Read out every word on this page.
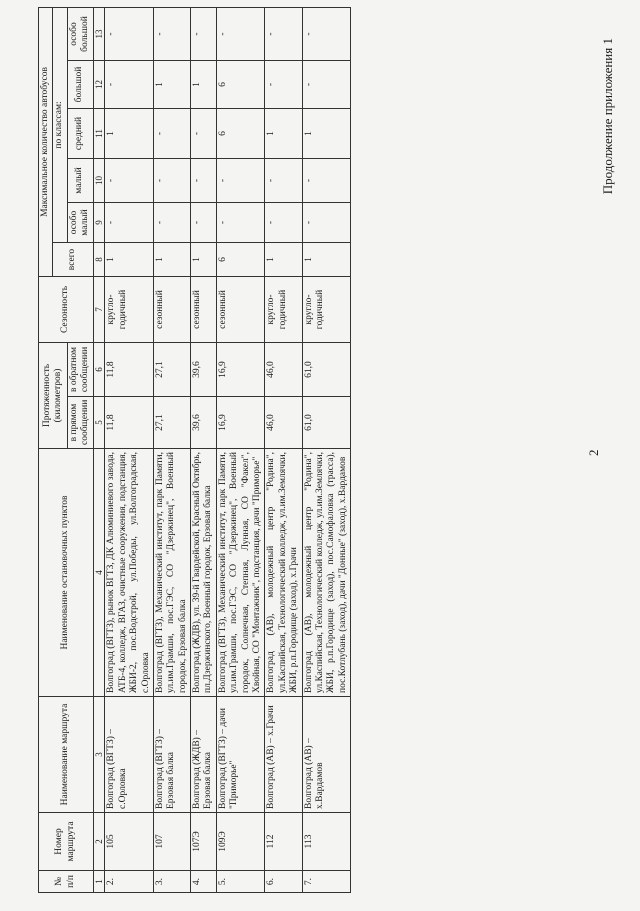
2
Продолжение приложения 1
№ п/п	Номер маршрута	Наименование маршрута	Наименование остановочных пунктов	Протяженность (километров)		Сезонность	Максимальное количество автобусов					
							всего	по классам:				
				в прямом сообщении	в обратном сообщении			особо малый	малый	средний	большой	особо большой
1	2	3	4	5	6	7	8	9	10	11	12	13
2.	105	Волгоград (ВГТЗ) – с.Орловка	Волгоград (ВГТЗ), рынок ВГТЗ, ДК Алюминиевого завода, АТБ-4, колледж, ВГАЗ, очистные сооружения, подстанция, ЖБИ-2, пос.Водстрой, ул.Победы, ул.Волгоградская, с.Орловка	11,8	11,8	кругло-годичный	1	-	-	1	-	-
3.	107	Волгоград (ВГТЗ) – Ерзовая балка	Волгоград (ВГТЗ), Механический институт, парк Памяти, ул.им.Грамши, пос.ГЭС, СО "Дзержинец", Военный городок, Ерзовая балка	27,1	27,1	сезонный	1	-	-	-	1	-
4.	107Э	Волгоград (ЖДВ) – Ерзовая балка	Волгоград (ЖДВ), ул. 39-й Гвардейской, Красный Октябрь, пл.Дзержинского, Военный городок, Ерзовая балка	39,6	39,6	сезонный	1	-	-	-	1	-
5.	109Э	Волгоград (ВГТЗ) – дачи "Приморье"	Волгоград (ВГТЗ), Механический институт, парк Памяти, ул.им.Грамши, пос.ГЭС, СО "Дзержинец", Военный городок, Солнечная, Степная, Лунная, СО "Факел", Хвойная, СО "Монтажник", подстанция, дачи "Приморье"	16,9	16,9	сезонный	6	-	-	6	6	-
6.	112	Волгоград (АВ) – х.Грачи	Волгоград (АВ), молодежный центр "Родина", ул.Каспийская, Технологический колледж, ул.им.Землячки, ЖБИ, р.п.Городище (заход), х.Грачи	46,0	46,0	кругло-годичный	1	-	-	1	-	-
7.	113	Волгоград (АВ) – х.Вардамов	Волгоград (АВ), молодежный центр "Родина", ул.Каспийская, Технологический колледж, ул.им.Землячки, ЖБИ, р.п.Городище (заход), пос.Самофаловка (трасса), пос.Котлубань (заход), дачи "Донные" (заход), х.Вардамов	61,0	61,0	кругло-годичный	1	-	-	1	-	-
